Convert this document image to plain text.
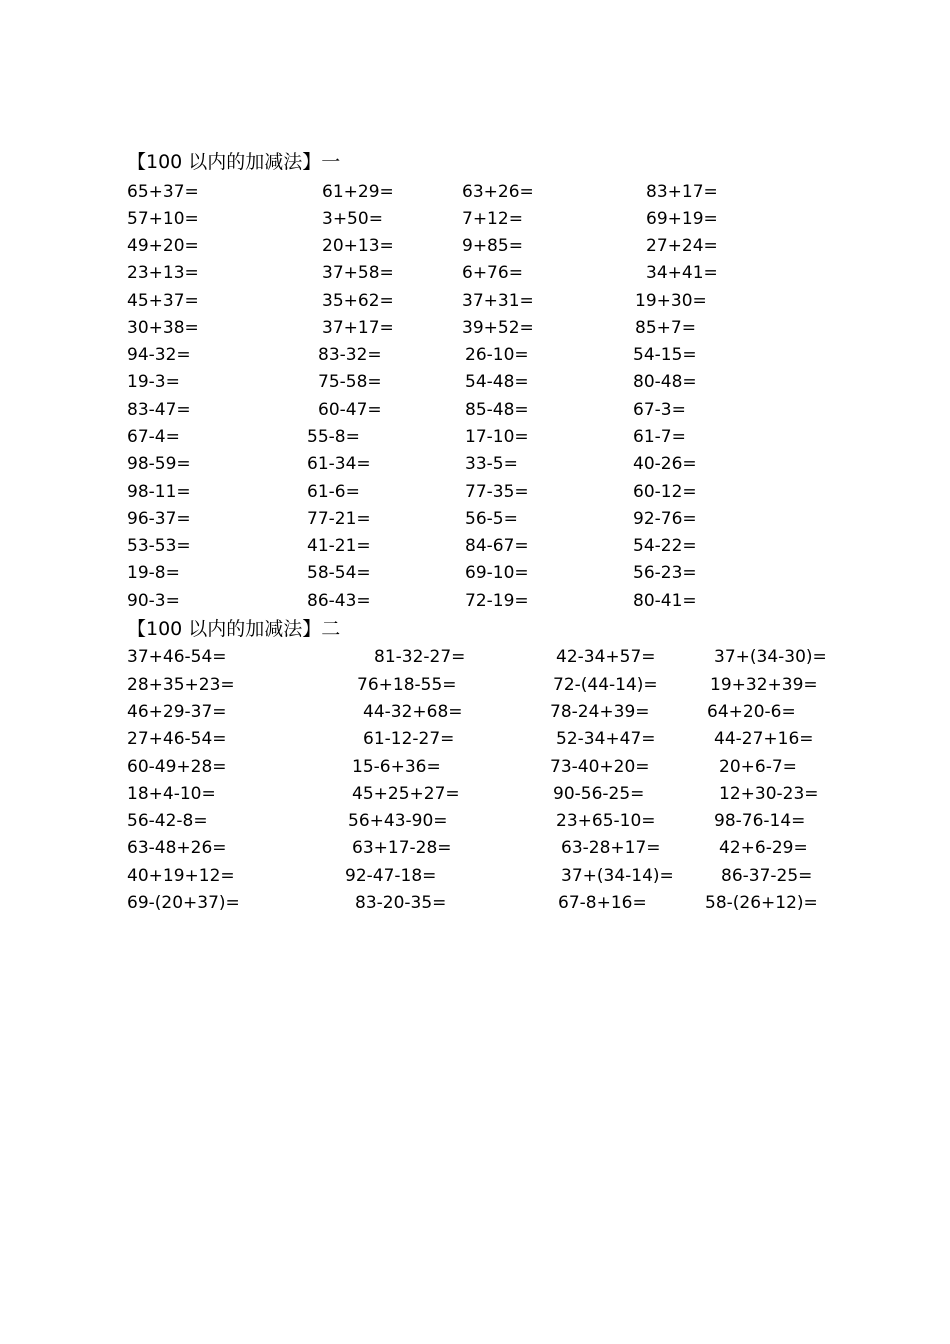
【100 以内的加减法】一
65+37=	61+29=	63+26=	83+17=
57+10=	3+50=	7+12=	69+19=
49+20=	20+13=	9+85=	27+24=
23+13=	37+58=	6+76=	34+41=
45+37=	35+62=	37+31=	19+30=
30+38=	37+17=	39+52=	85+7=
94-32=	83-32=	26-10=	54-15=
19-3=	75-58=	54-48=	80-48=
83-47=	60-47=	85-48=	67-3=
67-4=	55-8=	17-10=	61-7=
98-59=	61-34=	33-5=	40-26=
98-11=	61-6=	77-35=	60-12=
96-37=	77-21=	56-5=	92-76=
53-53=	41-21=	84-67=	54-22=
19-8=	58-54=	69-10=	56-23=
90-3=	86-43=	72-19=	80-41=
【100 以内的加减法】二
37+46-54=	81-32-27=	42-34+57=	37+(34-30)=
28+35+23=	76+18-55=	72-(44-14)=	19+32+39=
46+29-37=	44-32+68=	78-24+39=	64+20-6=
27+46-54=	61-12-27=	52-34+47=	44-27+16=
60-49+28=	15-6+36=	73-40+20=	20+6-7=
18+4-10=	45+25+27=	90-56-25=	12+30-23=
56-42-8=	56+43-90=	23+65-10=	98-76-14=
63-48+26=	63+17-28=	63-28+17=	42+6-29=
40+19+12=	92-47-18=	37+(34-14)=	86-37-25=
69-(20+37)=	83-20-35=	67-8+16=	58-(26+12)=
